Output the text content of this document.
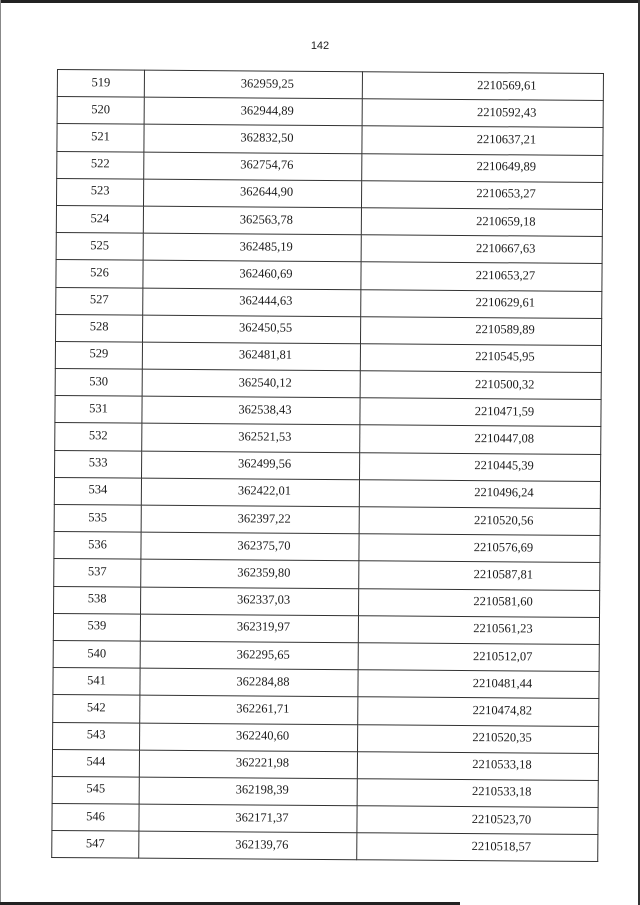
142
519	362959,25	2210569,61
520	362944,89	2210592,43
521	362832,50	2210637,21
522	362754,76	2210649,89
523	362644,90	2210653,27
524	362563,78	2210659,18
525	362485,19	2210667,63
526	362460,69	2210653,27
527	362444,63	2210629,61
528	362450,55	2210589,89
529	362481,81	2210545,95
530	362540,12	2210500,32
531	362538,43	2210471,59
532	362521,53	2210447,08
533	362499,56	2210445,39
534	362422,01	2210496,24
535	362397,22	2210520,56
536	362375,70	2210576,69
537	362359,80	2210587,81
538	362337,03	2210581,60
539	362319,97	2210561,23
540	362295,65	2210512,07
541	362284,88	2210481,44
542	362261,71	2210474,82
543	362240,60	2210520,35
544	362221,98	2210533,18
545	362198,39	2210533,18
546	362171,37	2210523,70
547	362139,76	2210518,57
